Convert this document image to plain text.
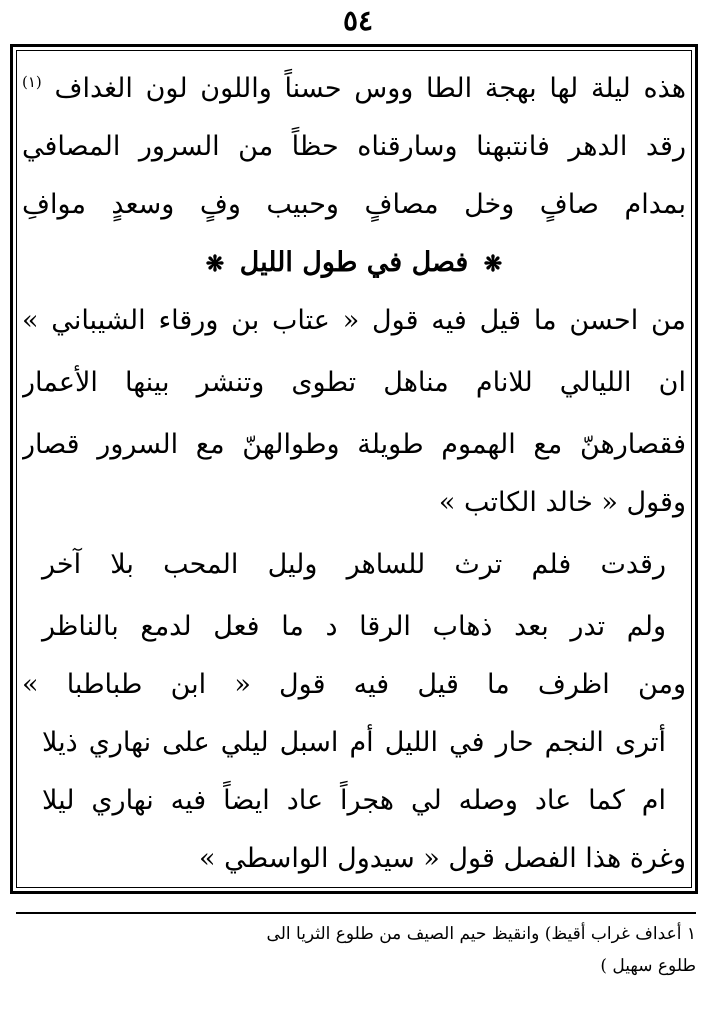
٥٤
هذه ليلة لها بهجة الطا ووس حسناً واللون لون الغداف $^{(١)}$
رقد الدهر فانتبهنا وسارقناه حظاً من السرور المصافي
بمدام صافٍ وخل مصافٍ وحبيب وفٍ وسعدٍ موافِ
❋ فصل في طول الليل ❋
من احسن ما قيل فيه قول « عتاب بن ورقاء الشيباني »
ان الليالي للانام مناهل تطوى وتنشر بينها الأعمار
فقصارهنّ مع الهموم طويلة وطوالهنّ مع السرور قصار
وقول « خالد الكاتب »
رقدت فلم ترث للساهر وليل المحب بلا آخر
ولم تدر بعد ذهاب الرقا د ما فعل لدمع بالناظر
ومن اظرف ما قيل فيه قول « ابن طباطبا »
أترى النجم حار في الليل أم اسبل ليلي على نهاري ذيلا
ام كما عاد وصله لي هجراً عاد ايضاً فيه نهاري ليلا
وغرة هذا الفصل قول « سيدول الواسطي »
١ أعداف غراب أقيظ) وانقيظ حيم الصيف من طلوع الثريا الى
طلوع سهيل )
